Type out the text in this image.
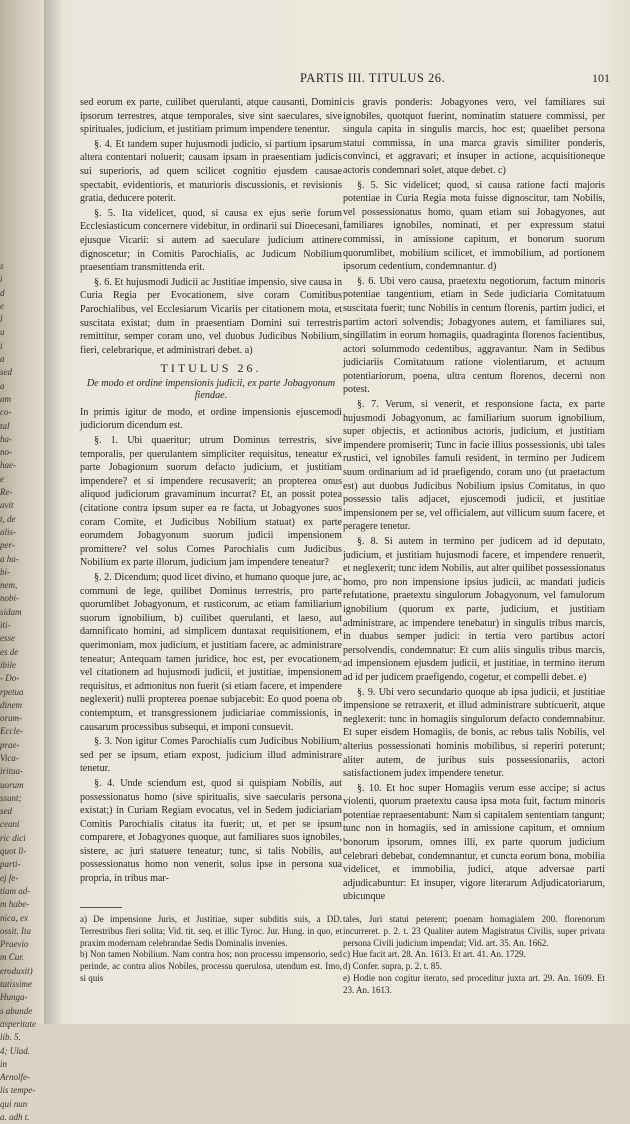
s
i
d
e
l
u
i
a
sed
a
am
co-
tal
ha-
no-
hae-
e
Re-
avit
t, de
alis-
per-
a ha-
bi-
nem,
nobi-
sidam
iti-
esse
es de
ibile
- Do-
rpetua
dinem
orum-
Eccle-
prae-
Vica-
iritua-
uorum
ssunt;
sed
ceani
ric dici
quot ll-
parti-
ej fe-
tiam ad-
m habe-
nica, ex
ossit. Ita
Praevio
m Cur.
eroduxit)
tatissime
Hunga-
s abunde
asperitate
lib. 5.
4; Ulad.
in
Arnolfe-
lis tempe-
qui nun
a. adh t.
PARTIS III. TITULUS 26.	101

sed eorum ex parte, cuilibet querulanti, atque causanti, Domini ipsorum terrestres, atque temporales, sive sint saeculares, sive spirituales, judicium, et justitiam primum impendere tenentur.

§. 4. Et tandem super hujusmodi judicio, si partium ipsarum altera contentari noluerit; causam ipsam in praesentiam judicis sui superioris, ad quem scilicet cognitio ejusdem causae spectabit, evidentioris, et maturioris discussionis, et revisionis gratia, deducere poterit.

§. 5. Ita videlicet, quod, si causa ex ejus serie forum Ecclesiasticum concernere videbitur, in ordinarii sui Dioecesani, ejusque Vicarii: si autem ad saeculare judicium attinere dignoscetur; in Comitis Parochialis, ac Judicum Nobilium praesentiam transmittenda erit.

§. 6. Et hujusmodi Judicii ac Justitiae impensio, sive causa in Curia Regia per Evocationem, sive coram Comitibus Parochialibus, vel Ecclesiarum Vicariis per citationem mota, et suscitata existat; dum in praesentiam Domini sui terrestris remittitur, semper coram uno, vel duobus Judicibus Nobilium, fieri, celebrarique, et administrari debet. a)

TITULUS 26.
De modo et ordine impensionis judicii, ex parte Jobagyonum fiendae.

In primis igitur de modo, et ordine impensionis ejuscemodi judiciorum dicendum est.

§. 1. Ubi quaeritur; utrum Dominus terrestris, sive temporalis, per querulantem simpliciter requisitus, teneatur ex parte Jobagionum suorum defacto judicium, et justitiam impendere? et si impendere recusaverit; an propterea onus aliquod judiciorum gravaminum incurrat? Et, an possit potea (citatione contra ipsum super ea re facta, ut Jobagyones suos coram Comite, et Judicibus Nobilium statuat) ex parte eorumdem Jobagyonum suorum judicii impensionem promittere? vel solus Comes Parochialis cum Judicibus Nobilium ex parte illorum, judicium jam impendere teneatur?

§. 2. Dicendum; quod licet divino, et humano quoque jure, ac communi de lege, quilibet Dominus terrestris, pro parte quorumlibet Jobagyonum, et rusticorum, ac etiam familiarium suorum ignobilium, b) cuilibet querulanti, et laeso, aut damnificato homini, ad simplicem duntaxat requisitionem, et querimoniam, mox judicium, et justitiam facere, ac administrare teneatur; Antequam tamen juridice, hoc est, per evocationem, vel citationem ad hujusmodi judicii, et justitiae, impensionem requisitus, et admonitus non fuerit (si etiam facere, et impendere neglexerit) nulli propterea poenae subjacebit: Eo quod poena ob contemptum, et transgressionem judiciariae commissionis, in causarum processibus subsequi, et imponi consuevit.

§. 3. Non igitur Comes Parochialis cum Judicibus Nobilium, sed per se ipsum, etiam expost, judicium illud administrare tenetur.

§. 4. Unde sciendum est, quod si quispiam Nobilis, aut possessionatus homo (sive spiritualis, sive saecularis persona existat;) in Curiam Regiam evocatus, vel in Sedem judiciariam Comitis Parochialis citatus ita fuerit; ut, et per se ipsum comparere, et Jobagyones quoque, aut familiares suos ignobiles, sistere, ac juri statuere teneatur; tunc, si talis Nobilis, aut possessionatus homo non venerit, solus ipse in persona sua propria, in tribus mar-

cis gravis ponderis: Jobagyones vero, vel familiares sui ignobiles, quotquot fuerint, nominatim statuere commissi, per singula capita in singulis marcis, hoc est; quaelibet persona statui commissa, in una marca gravis similiter ponderis, convinci, et aggravari; et insuper in actione, acquisitioneque actoris condemnari solet, atque debet. c)

§. 5. Sic videlicet; quod, si causa ratione facti majoris potentiae in Curia Regia mota fuisse dignoscitur, tam Nobilis, vel possessionatus homo, quam etiam sui Jobagyones, aut familiares ignobiles, nominati, et per expressum statui commissi, in amissione capitum, et bonorum suorum quorumlibet, mobilium scilicet, et immobilium, ad portionem ipsorum cedentium, condemnantur. d)

§. 6. Ubi vero causa, praetextu negotiorum, factum minoris potentiae tangentium, etiam in Sede judiciaria Comitatuum suscitata fuerit; tunc Nobilis in centum florenis, partim judici, et partim actori solvendis; Jobagyones autem, et familiares sui, singillatim in eorum homagiis, quadraginta florenos facientibus, actori solummodo cedentibus, aggravantur. Nam in Sedibus judiciariis Comitatuum ratione violentiarum, et actuum potentiariorum, poena, ultra centum florenos, decerni non potest.

§. 7. Verum, si venerit, et responsione facta, ex parte hujusmodi Jobagyonum, ac familiarium suorum ignobilium, super objectis, et actionibus actoris, judicium, et justitiam impendere promiserit; Tunc in facie illius possessionis, ubi tales rustici, vel ignobiles famuli resident, in termino per Judicem suum ordinarium ad id praefigendo, coram uno (ut praetactum est) aut duobus Judicibus Nobilium ipsius Comitatus, in quo possessio talis adjacet, ejuscemodi judicii, et justitiae impensionem per se, vel officialem, aut villicum suum facere, et peragere tenetur.

§. 8. Si autem in termino per judicem ad id deputato, judicium, et justitiam hujusmodi facere, et impendere renuerit, et neglexerit; tunc idem Nobilis, aut alter quilibet possessionatus homo, pro non impensione ipsius judicii, ac mandati judicis refutatione, praetextu singulorum Jobagyonum, vel famulorum ignobilium (quorum ex parte, judicium, et justitiam administrare, ac impendere tenebatur) in singulis tribus marcis, in duabus semper judici: in tertia vero partibus actori persolvendis, condemnatur: Et cum aliis singulis tribus marcis, ad impensionem ejusdem judicii, et justitiae, in termino iterum ad id per judicem praefigendo, cogetur, et compelli debet. e)

§. 9. Ubi vero secundario quoque ab ipsa judicii, et justitiae impensione se retraxerit, et illud administrare subticuerit, atque neglexerit: tunc in homagiis singulorum defacto condemnabitur. Et super eisdem Homagiis, de bonis, ac rebus talis Nobilis, vel alterius possessionati hominis mobilibus, si reperiri poterunt; aliter autem, de juribus suis possessionariis, actori satisfactionem judex impendere tenetur.

§. 10. Et hoc super Homagiis verum esse accipe; si actus violenti, quorum praetextu causa ipsa mota fuit, factum minoris potentiae repraesentabunt: Nam si capitalem sententiam tangunt; tunc non in homagiis, sed in amissione capitum, et omnium bonorum ipsorum, omnes illi, ex parte quorum judicium celebrari debebat, condemnantur, et cuncta eorum bona, mobilia videlicet, et immobilia, judici, atque adversae parti adjudicabuntur: Et insuper, vigore literarum Adjudicatoriarum, ubicunque

a) De impensione Juris, et Justitiae, super subditis suis, a DD. Terrestribus fieri solita; Vid. tit. seq. et illic Tyroc. Jur. Hung. in quo, et praxim modernam celebrandae Sedis Dominalis invenies.

b) Non tamen Nobilium. Nam contra hos; non processu impensorio, sed perinde, ac contra alios Nobiles, processu querulosa, utendum est. Imo, si quis

tales, Juri statui peterent; poenam homagialem 200. florenorum incurreret. p. 2. t. 23 Qualiter autem Magistratus Civilis, super privata persona Civili judicium impendat; Vid. art. 35. An. 1662.

c) Hue facit art. 28. An. 1613. Et art. 41. An. 1729.

d) Confer. supra, p. 2. t. 85.

e) Hodie non cogitur iterato, sed proceditur juxta art. 29. An. 1609. Et 23. An. 1613.
